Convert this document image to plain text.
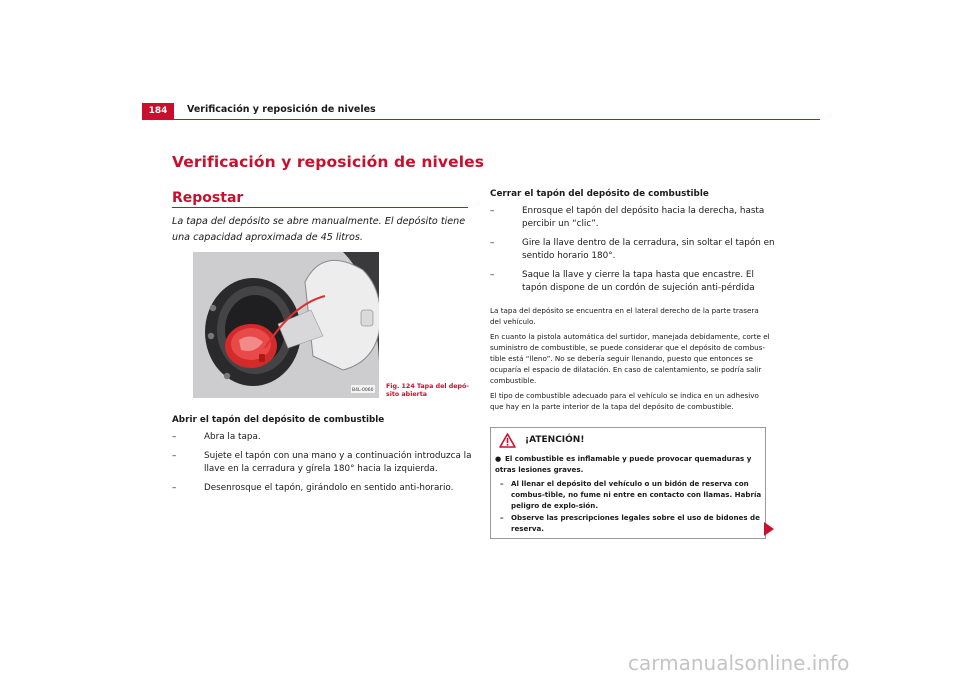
184	Verificación y reposición de niveles
Verificación y reposición de niveles
Repostar
La tapa del depósito se abre manualmente. El depósito tiene una capacidad aproximada de 45 litros.
B4L-0060
Fig. 124 Tapa del depó-sito abierta
Abrir el tapón del depósito de combustible
–	Abra la tapa.
–	Sujete el tapón con una mano y a continuación introduzca la llave en la cerradura y gírela 180° hacia la izquierda.
–	Desenrosque el tapón, girándolo en sentido anti-horario.
Cerrar el tapón del depósito de combustible
–	Enrosque el tapón del depósito hacia la derecha, hasta percibir un “clic”.
–	Gire la llave dentro de la cerradura, sin soltar el tapón en sentido horario 180°.
–	Saque la llave y cierre la tapa hasta que encastre. El tapón dispone de un cordón de sujeción anti-pérdida

La tapa del depósito se encuentra en el lateral derecho de la parte trasera del vehículo.

En cuanto la pistola automática del surtidor, manejada debidamente, corte el suministro de combustible, se puede considerar que el depósito de combus-tible está “lleno”. No se debería seguir llenando, puesto que entonces se ocuparía el espacio de dilatación. En caso de calentamiento, se podría salir combustible.

El tipo de combustible adecuado para el vehículo se indica en un adhesivo que hay en la parte interior de la tapa del depósito de combustible.

¡ATENCIÓN!

● El combustible es inflamable y puede provocar quemaduras y otras lesiones graves.

– Al llenar el depósito del vehículo o un bidón de reserva con combus-tible, no fume ni entre en contacto con llamas. Habría peligro de explo-sión.

– Observe las prescripciones legales sobre el uso de bidones de reserva.

carmanualsonline.info
